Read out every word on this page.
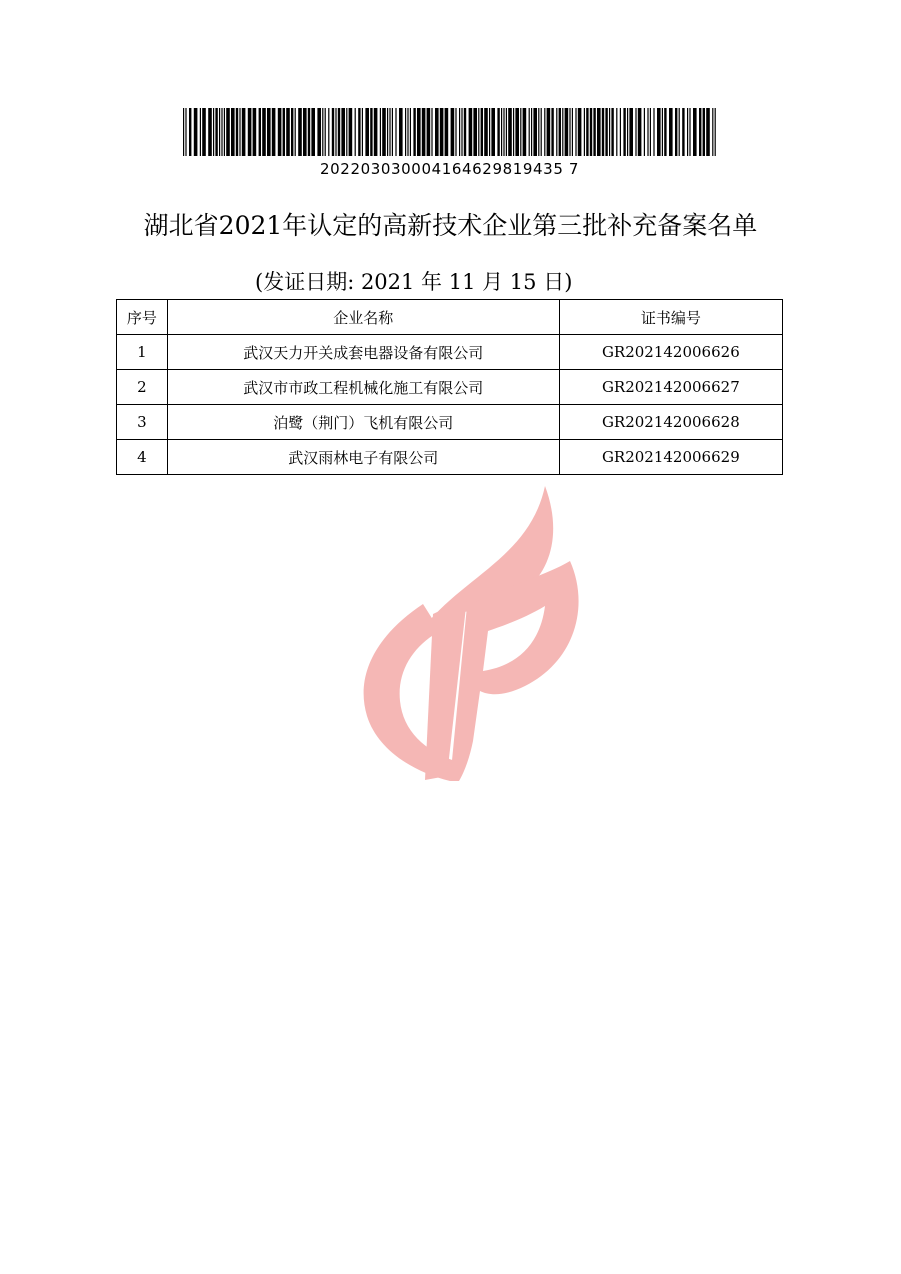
202203030004164629819435 7
湖北省2021年认定的高新技术企业第三批补充备案名单
(发证日期: 2021 年 11 月 15 日)
序号	企业名称	证书编号
1	武汉天力开关成套电器设备有限公司	GR202142006626
2	武汉市市政工程机械化施工有限公司	GR202142006627
3	泊鹭（荆门）飞机有限公司	GR202142006628
4	武汉雨林电子有限公司	GR202142006629
